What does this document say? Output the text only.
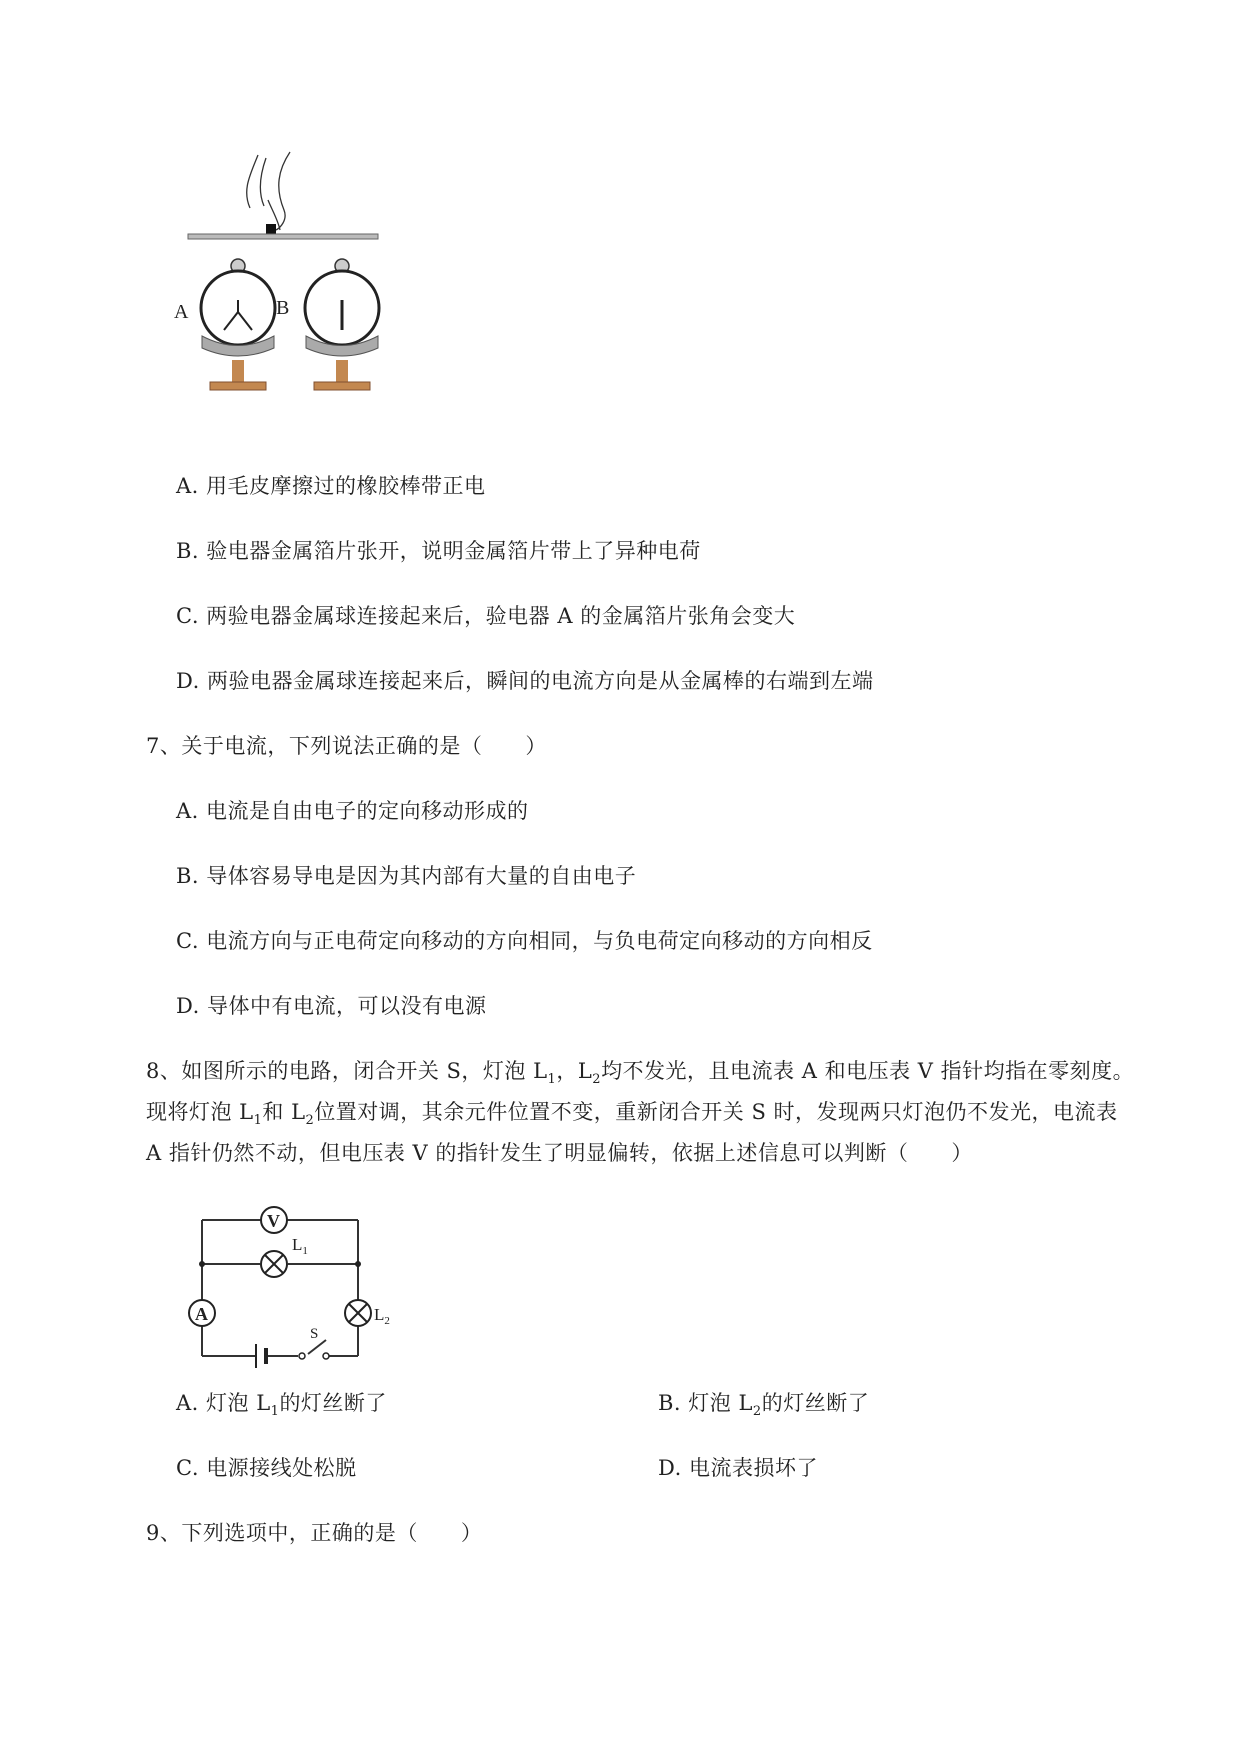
A	B
A. 用毛皮摩擦过的橡胶棒带正电
B. 验电器金属箔片张开，说明金属箔片带上了异种电荷
C. 两验电器金属球连接起来后，验电器 A 的金属箔片张角会变大
D. 两验电器金属球连接起来后，瞬间的电流方向是从金属棒的右端到左端
7、关于电流，下列说法正确的是（　　）
A. 电流是自由电子的定向移动形成的
B. 导体容易导电是因为其内部有大量的自由电子
C. 电流方向与正电荷定向移动的方向相同，与负电荷定向移动的方向相反
D. 导体中有电流，可以没有电源
8、如图所示的电路，闭合开关 S，灯泡 $L_1$，$L_2$均不发光，且电流表 A 和电压表 V 指针均指在零刻度。
现将灯泡 $L_1$和 $L_2$位置对调，其余元件位置不变，重新闭合开关 S 时，发现两只灯泡仍不发光，电流表
A 指针仍然不动，但电压表 V 的指针发生了明显偏转，依据上述信息可以判断（　　）
V
A
$L_1$
$L_2$
S
A. 灯泡 $L_1$的灯丝断了	B. 灯泡 $L_2$的灯丝断了
C. 电源接线处松脱	D. 电流表损坏了
9、下列选项中，正确的是（　　）
